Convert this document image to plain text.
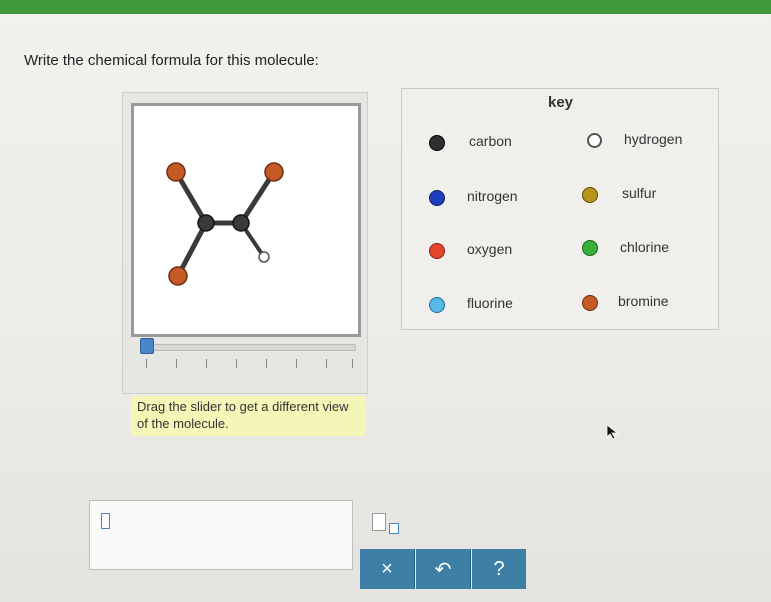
Write the chemical formula for this molecule:
Drag the slider to get a different view of the molecule.
key
carbon	hydrogen
nitrogen	sulfur
oxygen	chlorine
fluorine	bromine
× ↶ ?
